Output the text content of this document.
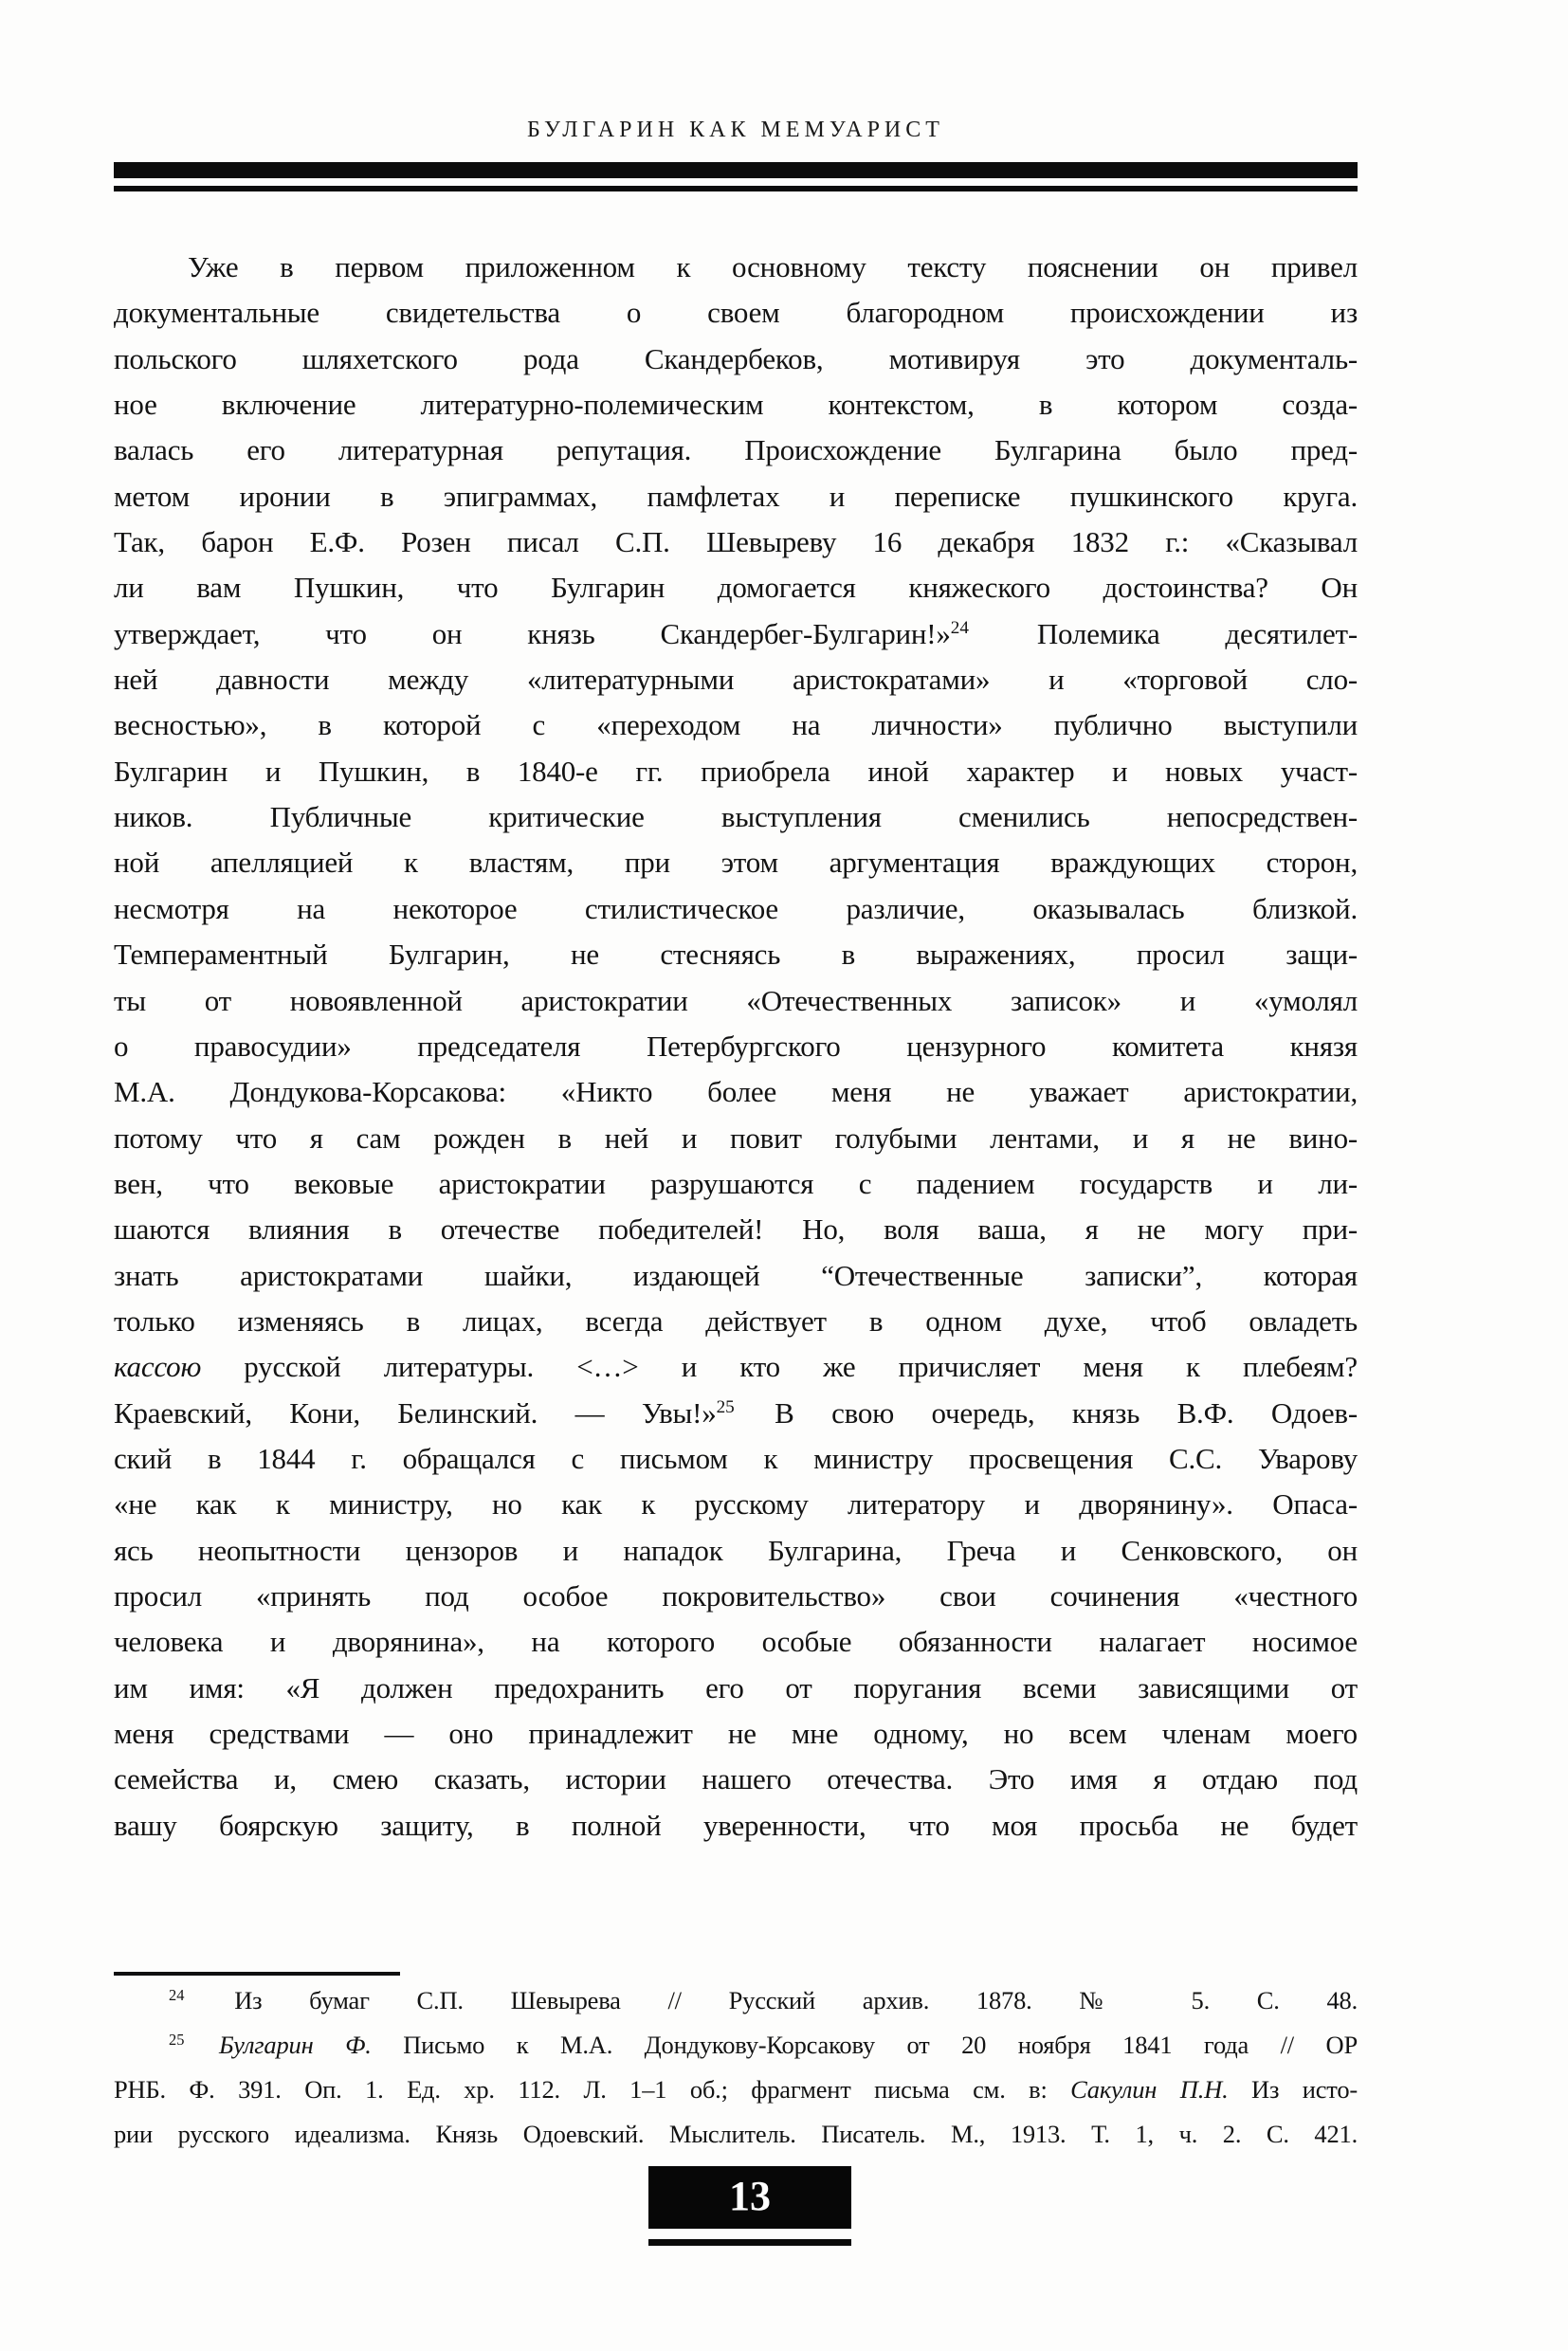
БУЛГАРИН КАК МЕМУАРИСТ
Уже в первом приложенном к основному тексту пояснении он привел
документальные свидетельства о своем благородном происхождении из
польского шляхетского рода Скандербеков, мотивируя это документаль-
ное включение литературно-полемическим контекстом, в котором созда-
валась его литературная репутация. Происхождение Булгарина было пред-
метом иронии в эпиграммах, памфлетах и переписке пушкинского круга.
Так, барон Е.Ф. Розен писал С.П. Шевыреву 16 декабря 1832 г.: «Сказывал
ли вам Пушкин, что Булгарин домогается княжеского достоинства? Он
утверждает, что он князь Скандербег-Булгарин!»$^{24}$ Полемика десятилет-
ней давности между «литературными аристократами» и «торговой сло-
весностью», в которой с «переходом на личности» публично выступили
Булгарин и Пушкин, в 1840-е гг. приобрела иной характер и новых участ-
ников. Публичные критические выступления сменились непосредствен-
ной апелляцией к властям, при этом аргументация враждующих сторон,
несмотря на некоторое стилистическое различие, оказывалась близкой.
Темпераментный Булгарин, не стесняясь в выражениях, просил защи-
ты от новоявленной аристократии «Отечественных записок» и «умолял
о правосудии» председателя Петербургского цензурного комитета князя
М.А. Дондукова-Корсакова: «Никто более меня не уважает аристократии,
потому что я сам рожден в ней и повит голубыми лентами, и я не вино-
вен, что вековые аристократии разрушаются с падением государств и ли-
шаются влияния в отечестве победителей! Но, воля ваша, я не могу при-
знать аристократами шайки, издающей “Отечественные записки”, которая
только изменяясь в лицах, всегда действует в одном духе, чтоб овладеть
кассою русской литературы. <…> и кто же причисляет меня к плебеям?
Краевский, Кони, Белинский. — Увы!»$^{25}$ В свою очередь, князь В.Ф. Одоев-
ский в 1844 г. обращался с письмом к министру просвещения С.С. Уварову
«не как к министру, но как к русскому литератору и дворянину». Опаса-
ясь неопытности цензоров и нападок Булгарина, Греча и Сенковского, он
просил «принять под особое покровительство» свои сочинения «честного
человека и дворянина», на которого особые обязанности налагает носимое
им имя: «Я должен предохранить его от поругания всеми зависящими от
меня средствами — оно принадлежит не мне одному, но всем членам моего
семейства и, смею сказать, истории нашего отечества. Это имя я отдаю под
вашу боярскую защиту, в полной уверенности, что моя просьба не будет
$^{24}$ Из бумаг С.П. Шевырева // Русский архив. 1878. № 5. С. 48.
$^{25}$ Булгарин Ф. Письмо к М.А. Дондукову-Корсакову от 20 ноября 1841 года // ОР
РНБ. Ф. 391. Оп. 1. Ед. хр. 112. Л. 1–1 об.; фрагмент письма см. в: Сакулин П.Н. Из исто-
рии русского идеализма. Князь Одоевский. Мыслитель. Писатель. М., 1913. Т. 1, ч. 2. С. 421.
13
